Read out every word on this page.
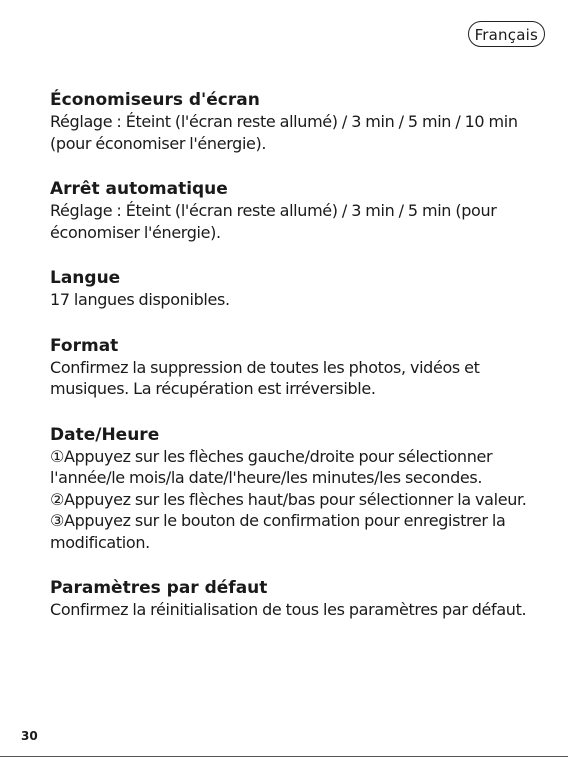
Français

Économiseurs d'écran

Réglage : Éteint (l'écran reste allumé) / 3 min / 5 min / 10 min
(pour économiser l'énergie).

Arrêt automatique

Réglage : Éteint (l'écran reste allumé) / 3 min / 5 min (pour
économiser l'énergie).

Langue

17 langues disponibles.

Format

Confirmez la suppression de toutes les photos, vidéos et
musiques. La récupération est irréversible.

Date/Heure

①Appuyez sur les flèches gauche/droite pour sélectionner
l'année/le mois/la date/l'heure/les minutes/les secondes.
②Appuyez sur les flèches haut/bas pour sélectionner la valeur.
③Appuyez sur le bouton de confirmation pour enregistrer la
modification.

Paramètres par défaut

Confirmez la réinitialisation de tous les paramètres par défaut.

30
